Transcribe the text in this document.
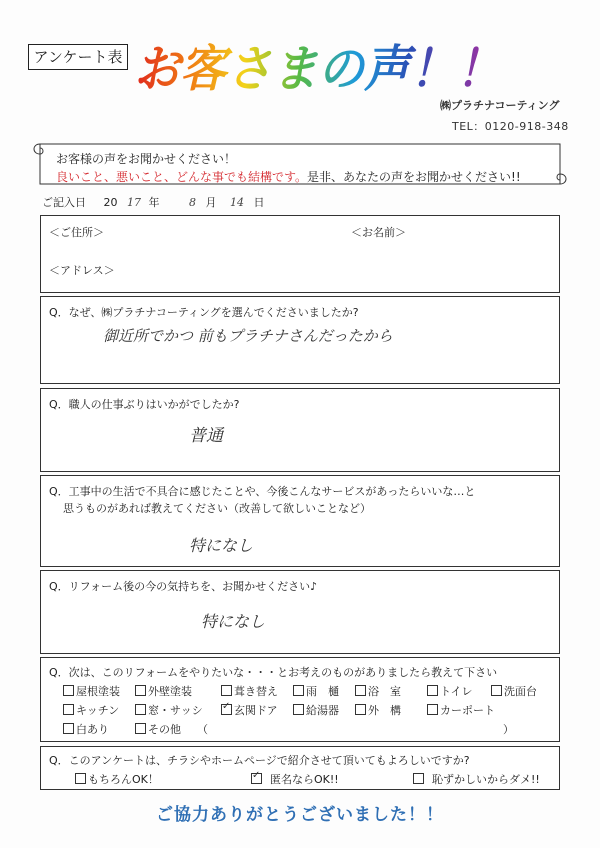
アンケート表 お客さまの声！！
㈱プラチナコーティング
TEL：0120-918-348
お客様の声をお聞かせください！
良いこと、悪いこと、どんな事でも結構です。是非、あなたの声をお聞かせください!!
ご記入日 20 17 年	8 月 14 日
＜ご住所＞	＜お名前＞
＜アドレス＞
Q．なぜ、㈱プラチナコーティングを選んでくださいましたか?
御近所でかつ 前もプラチナさんだったから
Q．職人の仕事ぶりはいかがでしたか?
普通
Q．工事中の生活で不具合に感じたことや、今後こんなサービスがあったらいいな…と
思うものがあれば教えてください（改善して欲しいことなど）
特になし
Q．リフォーム後の今の気持ちを、お聞かせください♪
特になし
Q．次は、このリフォームをやりたいな・・・とお考えのものがありましたら教えて下さい
屋根塗装	外壁塗装	葺き替え	雨　樋	浴　室	トイレ	洗面台
キッチン	窓・サッシ ✓	玄関ドア	給湯器	外　構	カーポート
白あり	その他 （	）
Q．このアンケートは、チラシやホームページで紹介させて頂いてもよろしいですか?
もちろんOK！ ✓	匿名ならOK!!	恥ずかしいからダメ!!
ご協力ありがとうございました！！
